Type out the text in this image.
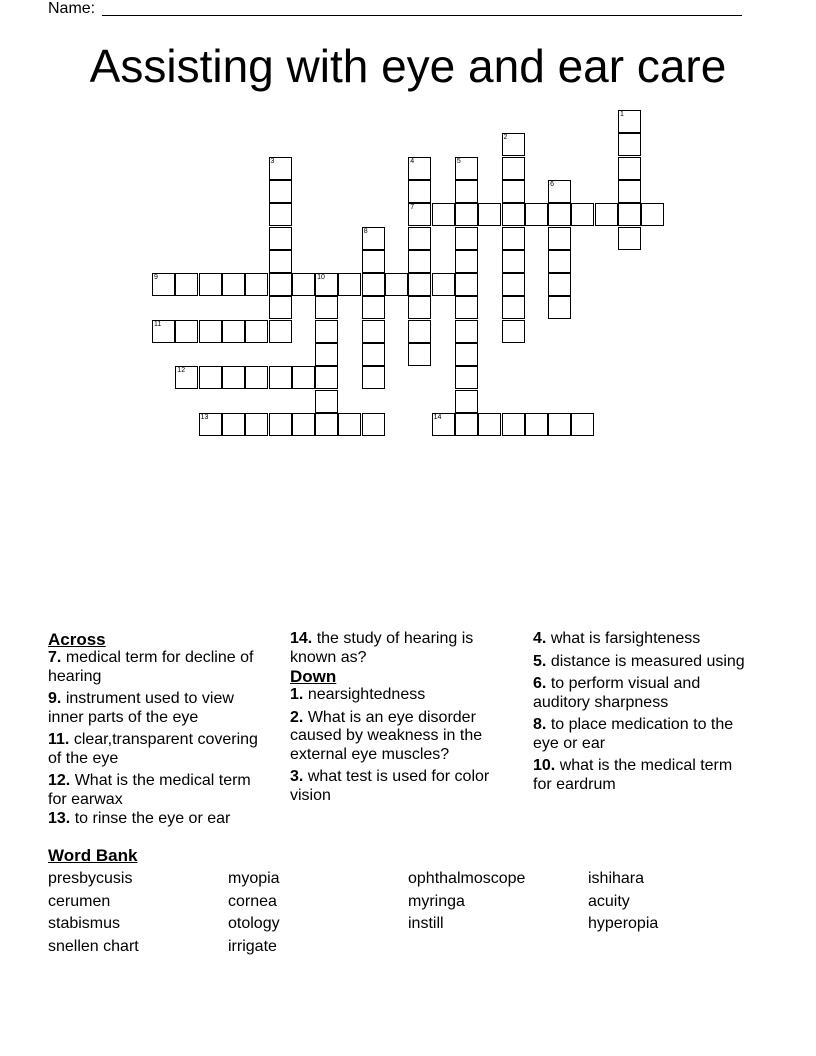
Name:
Assisting with eye and ear care
1
2
3	4
7
5
6
8
9	10
11
12
13	14
Across
7. medical term for decline of hearing
9. instrument used to view inner parts of the eye
11. clear,transparent covering of the eye
12. What is the medical term for earwax
13. to rinse the eye or ear
14. the study of hearing is known as?
Down
1. nearsightedness
2. What is an eye disorder caused by weakness in the external eye muscles?
3. what test is used for color vision
4. what is farsighteness
5. distance is measured using
6. to perform visual and auditory sharpness
8. to place medication to the eye or ear
10. what is the medical term for eardrum
Word Bank
presbycusis	myopia	ophthalmoscope	ishihara
cerumen	cornea	myringa	acuity
stabismus	otology	instill	hyperopia
snellen chart	irrigate
